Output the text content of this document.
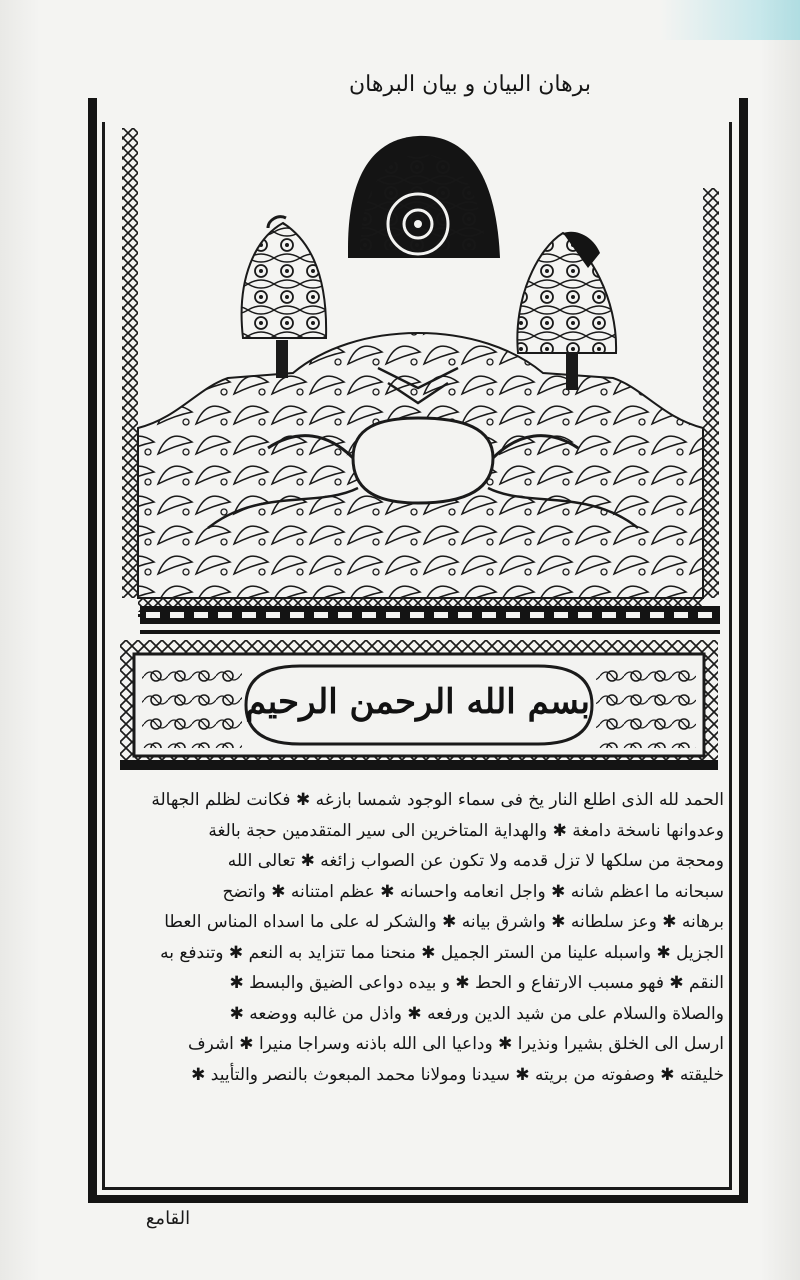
برهان البيان و بيان البرهان
بسم الله الرحمن الرحيم
الحمد لله الذى اطلع النار يخ فى سماء الوجود شمسا بازغه ✱ فكانت لظلم الجهالة
وعدوانها ناسخة دامغة ✱ والهداية المتاخرين الى سير المتقدمين حجة بالغة
ومحجة من سلكها لا تزل قدمه ولا تكون عن الصواب زائغه ✱ تعالى الله
سبحانه ما اعظم شانه ✱ واجل انعامه واحسانه ✱ عظم امتنانه ✱ واتضح
برهانه ✱ وعز سلطانه ✱ واشرق بيانه ✱ والشكر له على ما اسداه المناس العطا
الجزيل ✱ واسبله علينا من الستر الجميل ✱ منحنا مما تتزايد به النعم ✱ وتندفع به
النقم ✱ فهو مسبب الارتفاع و الحط ✱ و بيده دواعى الضيق والبسط ✱
والصلاة والسلام على من شيد الدين ورفعه ✱ واذل من غالبه ووضعه ✱
ارسل الى الخلق بشيرا ونذيرا ✱ وداعيا الى الله باذنه وسراجا منيرا ✱ اشرف
خليقته ✱ وصفوته من بريته ✱ سيدنا ومولانا محمد المبعوث بالنصر والتأييد ✱
القامع
